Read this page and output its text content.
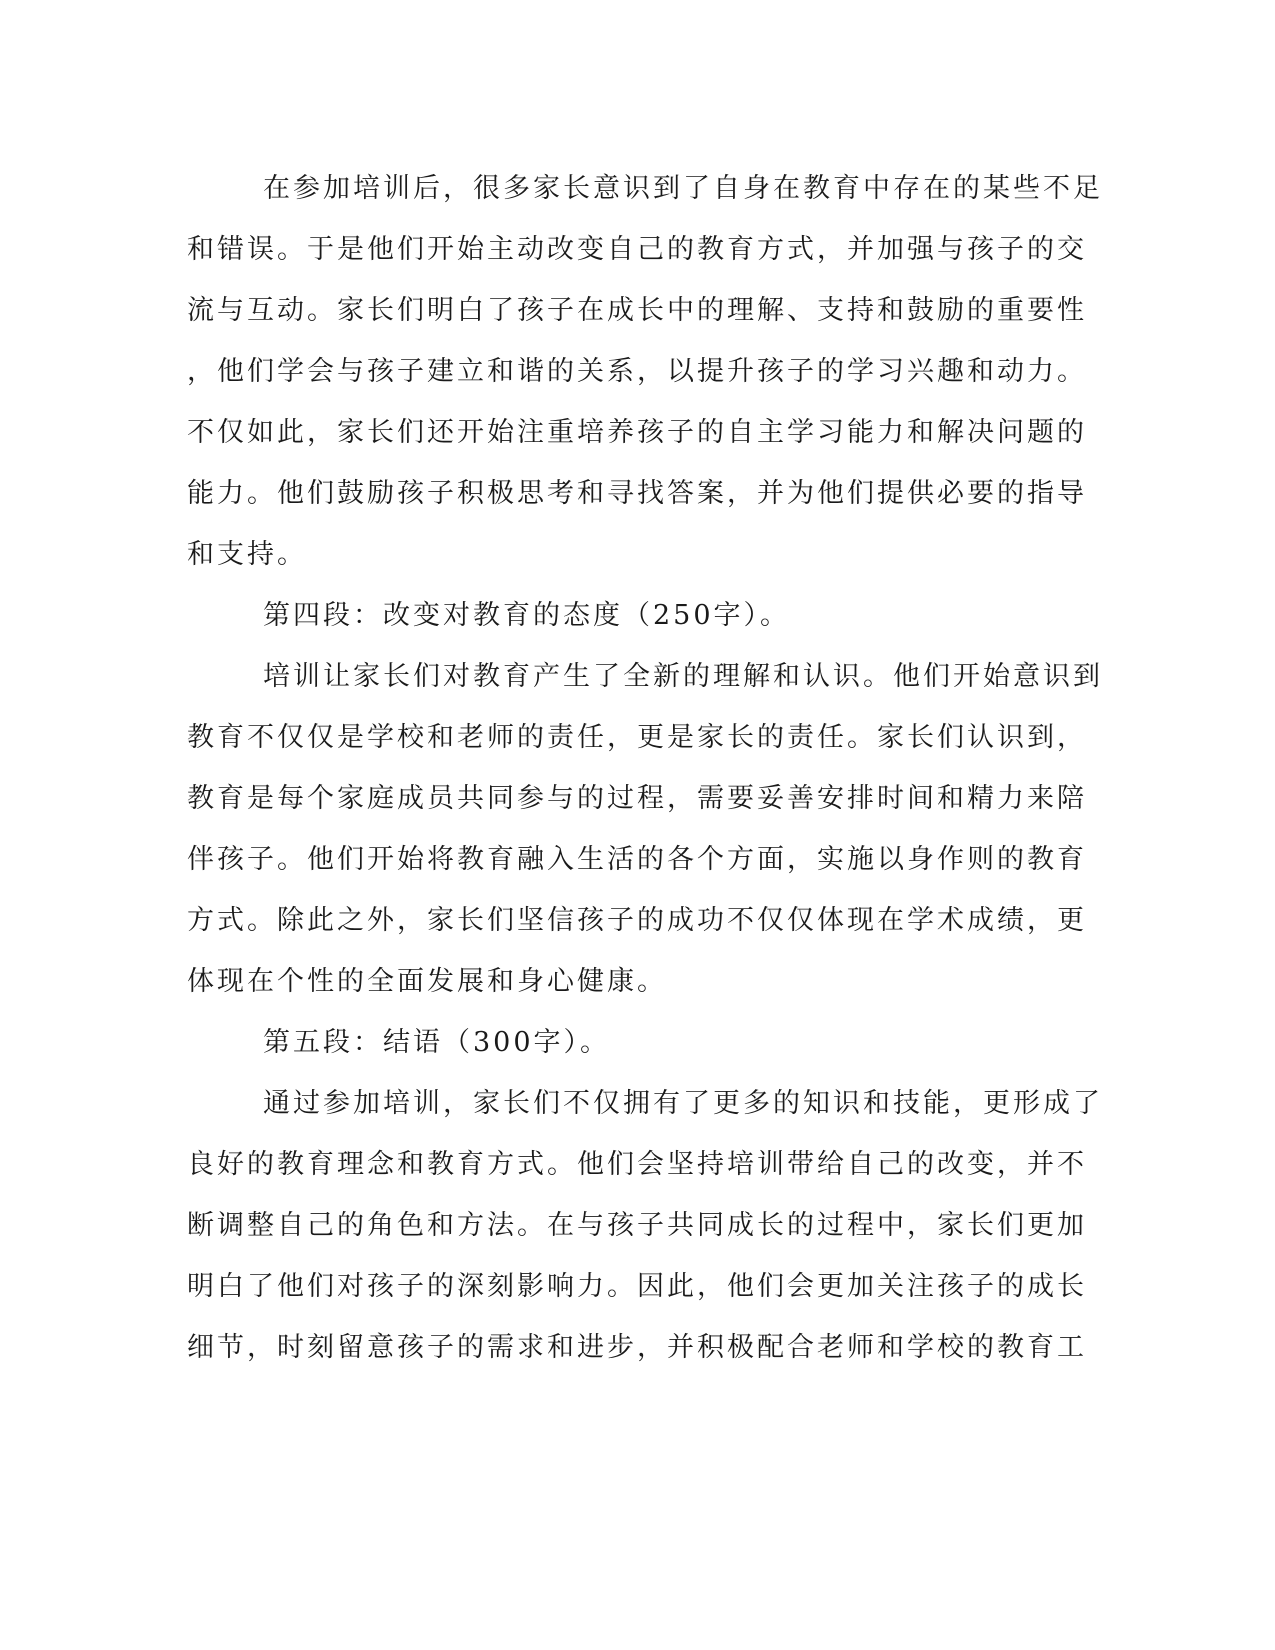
在参加培训后，很多家长意识到了自身在教育中存在的某些不足
和错误。于是他们开始主动改变自己的教育方式，并加强与孩子的交
流与互动。家长们明白了孩子在成长中的理解、支持和鼓励的重要性
，他们学会与孩子建立和谐的关系，以提升孩子的学习兴趣和动力。
不仅如此，家长们还开始注重培养孩子的自主学习能力和解决问题的
能力。他们鼓励孩子积极思考和寻找答案，并为他们提供必要的指导
和支持。
第四段：改变对教育的态度（250字）。
培训让家长们对教育产生了全新的理解和认识。他们开始意识到
教育不仅仅是学校和老师的责任，更是家长的责任。家长们认识到，
教育是每个家庭成员共同参与的过程，需要妥善安排时间和精力来陪
伴孩子。他们开始将教育融入生活的各个方面，实施以身作则的教育
方式。除此之外，家长们坚信孩子的成功不仅仅体现在学术成绩，更
体现在个性的全面发展和身心健康。
第五段：结语（300字）。
通过参加培训，家长们不仅拥有了更多的知识和技能，更形成了
良好的教育理念和教育方式。他们会坚持培训带给自己的改变，并不
断调整自己的角色和方法。在与孩子共同成长的过程中，家长们更加
明白了他们对孩子的深刻影响力。因此，他们会更加关注孩子的成长
细节，时刻留意孩子的需求和进步，并积极配合老师和学校的教育工
